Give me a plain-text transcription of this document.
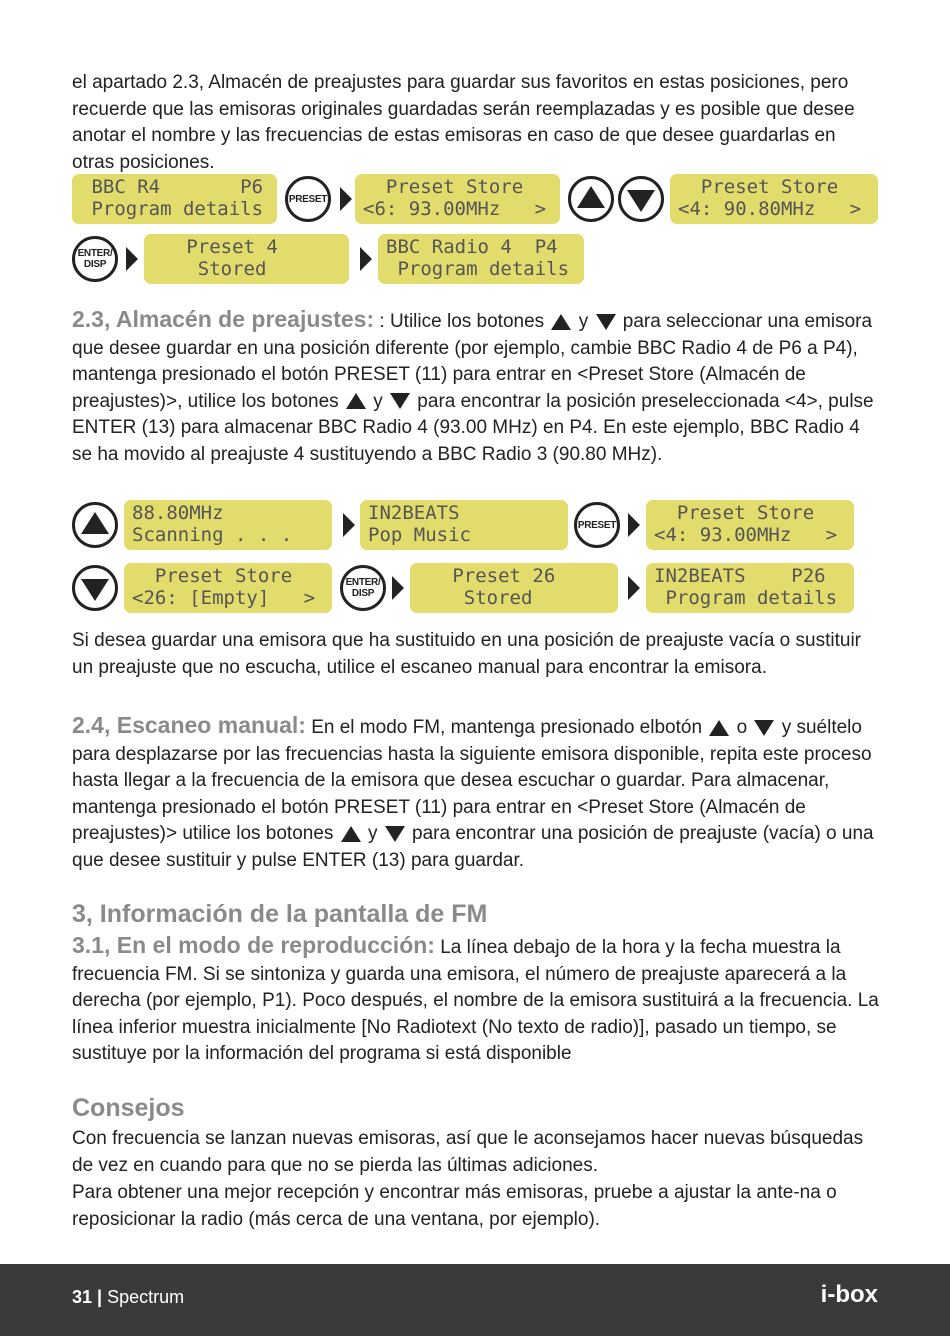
el apartado 2.3, Almacén de preajustes para guardar sus favoritos en estas posiciones, pero recuerde que las emisoras originales guardadas serán reemplazadas y es posible que desee anotar el nombre y las frecuencias de estas emisoras en caso de que desee guardarlas en otras posiciones.

BBC R4       P6
Program details	PRESET
Preset Store
<6: 93.00MHz   >
Preset Store
<4: 90.80MHz   >
ENTER/
DISP
Preset 4
Stored
BBC Radio 4  P4
Program details

2.3, Almacén de preajustes: : Utilice los botones  y  para seleccionar una emisora que desee guardar en una posición diferente (por ejemplo, cambie BBC Radio 4 de P6 a P4), mantenga presionado el botón PRESET (11) para entrar en <Preset Store (Almacén de preajustes)>, utilice los botones  y  para encontrar la posición preseleccionada <4>, pulse ENTER (13) para almacenar BBC Radio 4 (93.00 MHz) en P4. En este ejemplo, BBC Radio 4 se ha movido al preajuste 4 sustituyendo a BBC Radio 3 (90.80 MHz).

88.80MHz
Scanning . . .
IN2BEATS
Pop Music	PRESET
Preset Store
<4: 93.00MHz   >
Preset Store
<26: [Empty]   >
ENTER/
DISP
Preset 26
Stored
IN2BEATS    P26
Program details

Si desea guardar una emisora que ha sustituido en una posición de preajuste vacía o sustituir un preajuste que no escucha, utilice el escaneo manual para encontrar la emisora.

2.4, Escaneo manual: En el modo FM, mantenga presionado elbotón  o  y suéltelo para desplazarse por las frecuencias hasta la siguiente emisora disponible, repita este proceso hasta llegar a la frecuencia de la emisora que desea escuchar o guardar. Para almacenar, mantenga presionado el botón PRESET (11) para entrar en <Preset Store (Almacén de preajustes)> utilice los botones  y  para encontrar una posición de preajuste (vacía) o una que desee sustituir y pulse ENTER (13) para guardar.

3, Información de la pantalla de FM

3.1, En el modo de reproducción: La línea debajo de la hora y la fecha muestra la frecuencia FM. Si se sintoniza y guarda una emisora, el número de preajuste aparecerá a la derecha (por ejemplo, P1). Poco después, el nombre de la emisora sustituirá a la frecuencia. La línea inferior muestra inicialmente [No Radiotext (No texto de radio)], pasado un tiempo, se sustituye por la información del programa si está disponible

Consejos

Con frecuencia se lanzan nuevas emisoras, así que le aconsejamos hacer nuevas búsquedas de vez en cuando para que no se pierda las últimas adiciones.

Para obtener una mejor recepción y encontrar más emisoras, pruebe a ajustar la ante-na o reposicionar la radio (más cerca de una ventana, por ejemplo).

31 | Spectrum	i-box
